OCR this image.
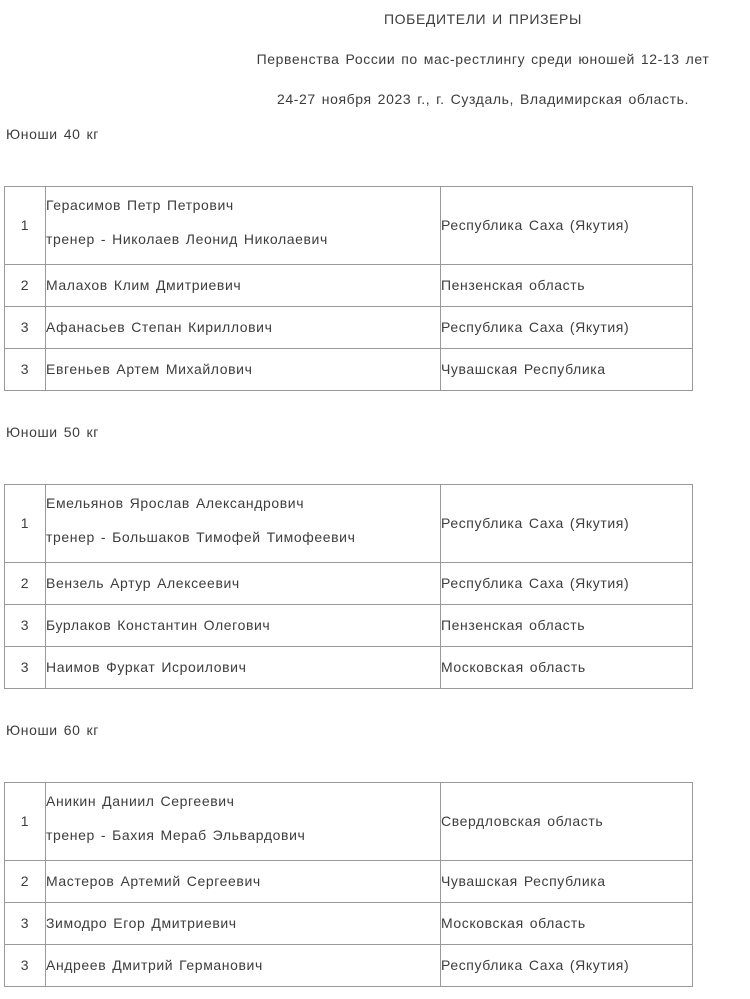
ПОБЕДИТЕЛИ И ПРИЗЕРЫ
Первенства России по мас-рестлингу среди юношей 12-13 лет
24-27 ноября 2023 г., г. Суздаль, Владимирская область.
Юноши 40 кг
1	Герасимов Петр Петрович
тренер - Николаев Леонид Николаевич	Республика Саха (Якутия)
2	Малахов Клим Дмитриевич	Пензенская область
3	Афанасьев Степан Кириллович	Республика Саха (Якутия)
3	Евгеньев Артем Михайлович	Чувашская Республика
Юноши 50 кг
1	Емельянов Ярослав Александрович
тренер - Большаков Тимофей Тимофеевич	Республика Саха (Якутия)
2	Вензель Артур Алексеевич	Республика Саха (Якутия)
3	Бурлаков Константин Олегович	Пензенская область
3	Наимов Фуркат Исроилович	Московская область
Юноши 60 кг
1	Аникин Даниил Сергеевич
тренер - Бахия Мераб Эльвардович	Свердловская область
2	Мастеров Артемий Сергеевич	Чувашская Республика
3	Зимодро Егор Дмитриевич	Московская область
3	Андреев Дмитрий Германович	Республика Саха (Якутия)
